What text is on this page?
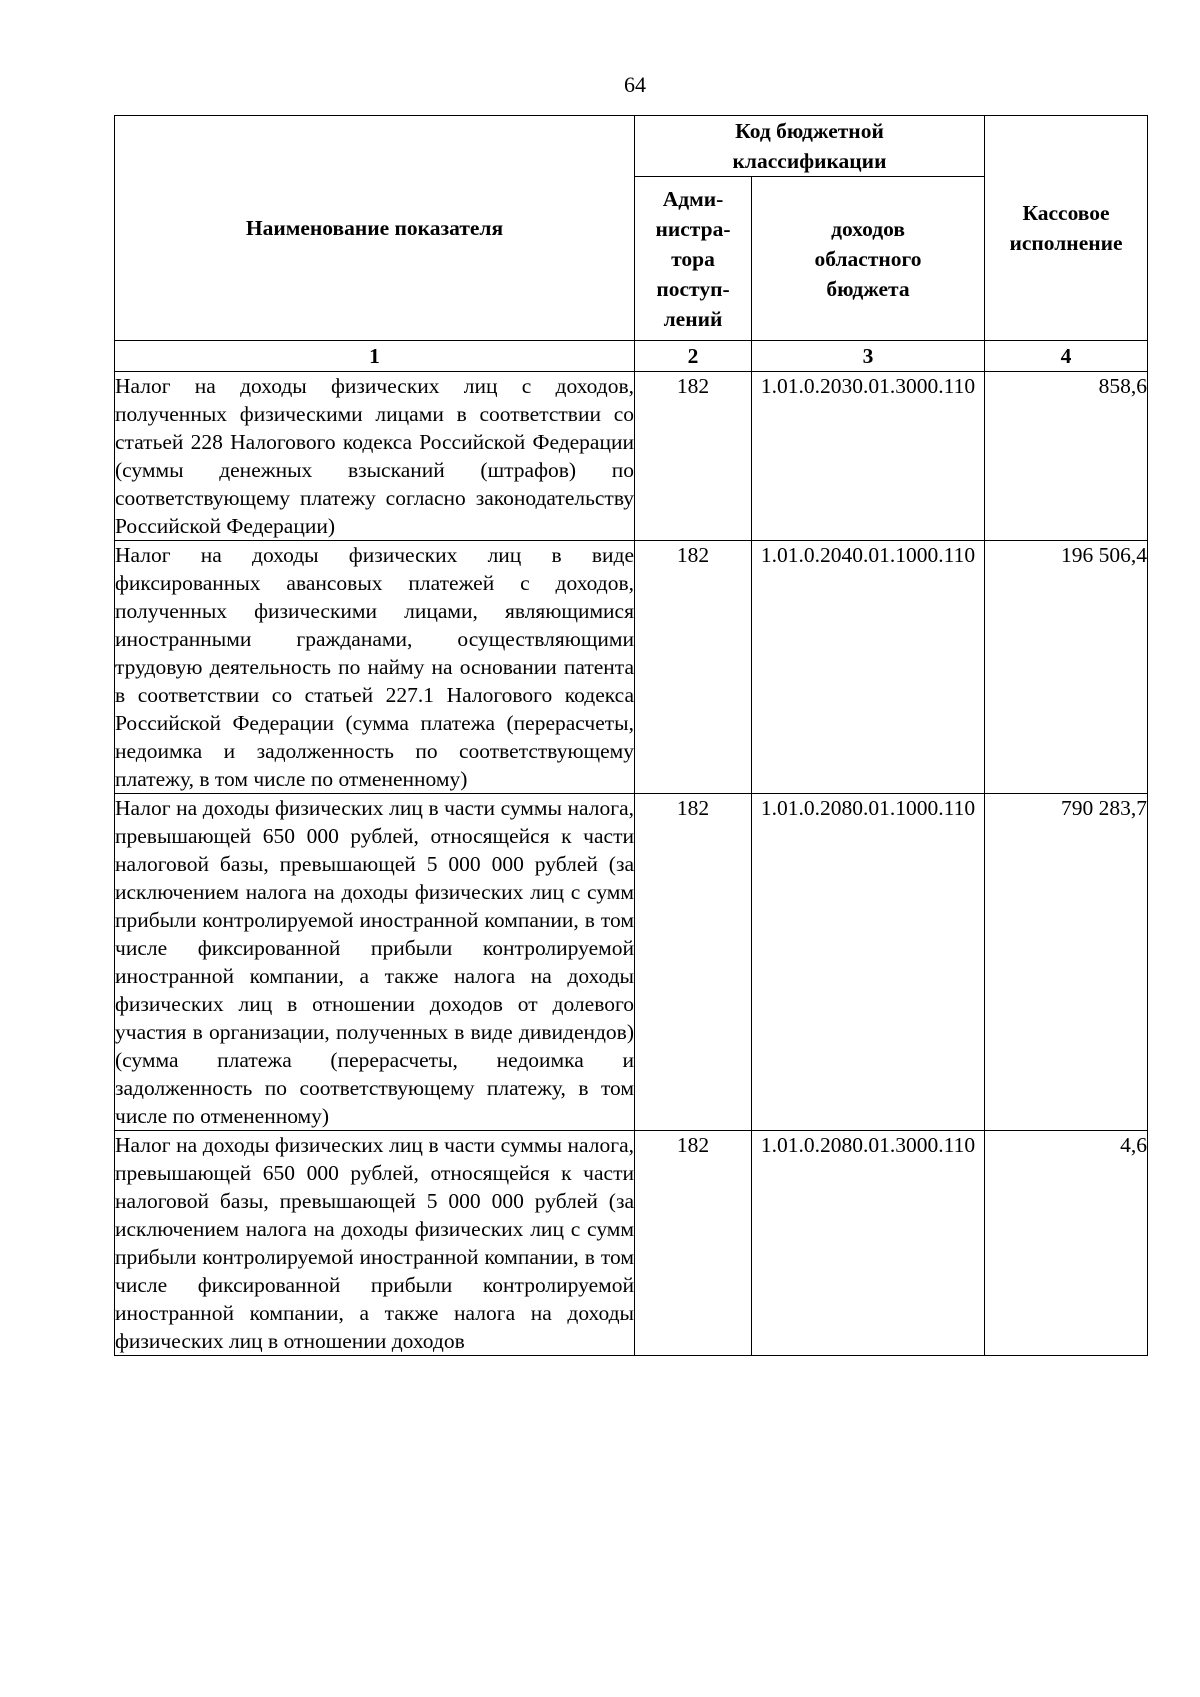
64
Наименование показателя	Код бюджетной классификации		Кассовое исполнение
	Адми-нистра-тора поступ-лений	доходов областного бюджета	
1	2	3	4
Налог на доходы физических лиц с доходов, полученных физическими лицами в соответствии со статьей 228 Налогового кодекса Российской Федерации (суммы денежных взысканий (штрафов) по соответствующему платежу согласно законодательству Российской Федерации)	182	1.01.0.2030.01.3000.110	858,6
Налог на доходы физических лиц в виде фиксированных авансовых платежей с доходов, полученных физическими лицами, являющимися иностранными гражданами, осуществляющими трудовую деятельность по найму на основании патента в соответствии со статьей 227.1 Налогового кодекса Российской Федерации (сумма платежа (перерасчеты, недоимка и задолженность по соответствующему платежу, в том числе по отмененному)	182	1.01.0.2040.01.1000.110	196 506,4
Налог на доходы физических лиц в части суммы налога, превышающей 650 000 рублей, относящейся к части налоговой базы, превышающей 5 000 000 рублей (за исключением налога на доходы физических лиц с сумм прибыли контролируемой иностранной компании, в том числе фиксированной прибыли контролируемой иностранной компании, а также налога на доходы физических лиц в отношении доходов от долевого участия в организации, полученных в виде дивидендов) (сумма платежа (перерасчеты, недоимка и задолженность по соответствующему платежу, в том числе по отмененному)	182	1.01.0.2080.01.1000.110	790 283,7
Налог на доходы физических лиц в части суммы налога, превышающей 650 000 рублей, относящейся к части налоговой базы, превышающей 5 000 000 рублей (за исключением налога на доходы физических лиц с сумм прибыли контролируемой иностранной компании, в том числе фиксированной прибыли контролируемой иностранной компании, а также налога на доходы физических лиц в отношении доходов	182	1.01.0.2080.01.3000.110	4,6
